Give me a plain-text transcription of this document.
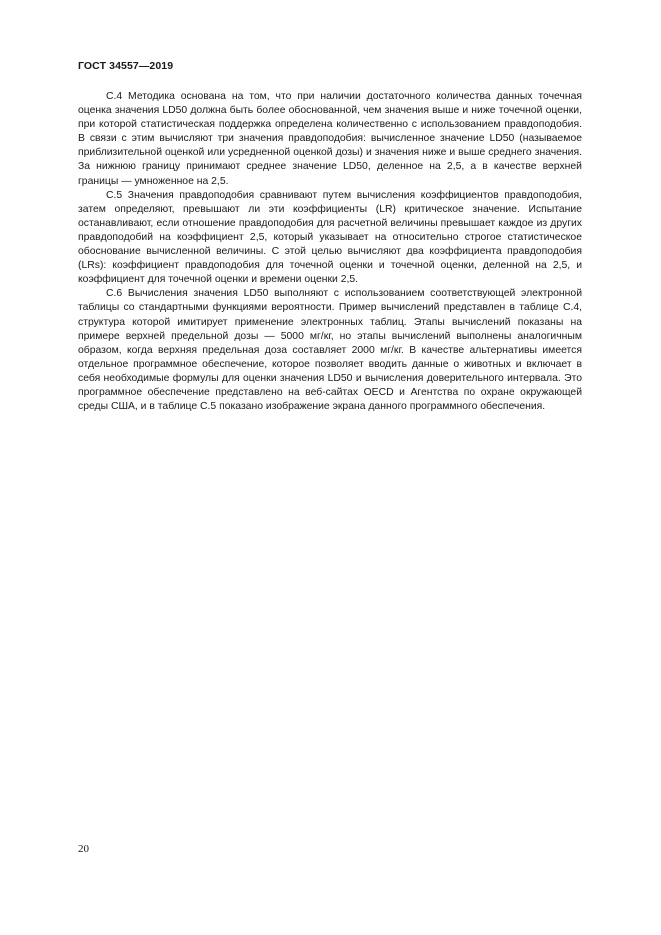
ГОСТ 34557—2019

C.4 Методика основана на том, что при наличии достаточного количества данных точечная оценка значения LD50 должна быть более обоснованной, чем значения выше и ниже точечной оценки, при которой статистическая поддержка определена количественно с использованием правдоподобия. В связи с этим вычисляют три значения правдоподобия: вычисленное значение LD50 (называемое приблизительной оценкой или усредненной оценкой дозы) и значения ниже и выше среднего значения. За нижнюю границу принимают среднее значение LD50, деленное на 2,5, а в качестве верхней границы — умноженное на 2,5.

C.5 Значения правдоподобия сравнивают путем вычисления коэффициентов правдоподобия, затем определяют, превышают ли эти коэффициенты (LR) критическое значение. Испытание останавливают, если отношение правдоподобия для расчетной величины превышает каждое из других правдоподобий на коэффициент 2,5, который указывает на относительно строгое статистическое обоснование вычисленной величины. C этой целью вычисляют два коэффициента правдоподобия (LRs): коэффициент правдоподобия для точечной оценки и точечной оценки, деленной на 2,5, и коэффициент для точечной оценки и времени оценки 2,5.

C.6 Вычисления значения LD50 выполняют с использованием соответствующей электронной таблицы со стандартными функциями вероятности. Пример вычислений представлен в таблице C.4, структура которой имитирует применение электронных таблиц. Этапы вычислений показаны на примере верхней предельной дозы — 5000 мг/кг, но этапы вычислений выполнены аналогичным образом, когда верхняя предельная доза составляет 2000 мг/кг. В качестве альтернативы имеется отдельное программное обеспечение, которое позволяет вводить данные о животных и включает в себя необходимые формулы для оценки значения LD50 и вычисления доверительного интервала. Это программное обеспечение представлено на веб-сайтах OECD и Агентства по охране окружающей среды США, и в таблице C.5 показано изображение экрана данного программного обеспечения.

20
